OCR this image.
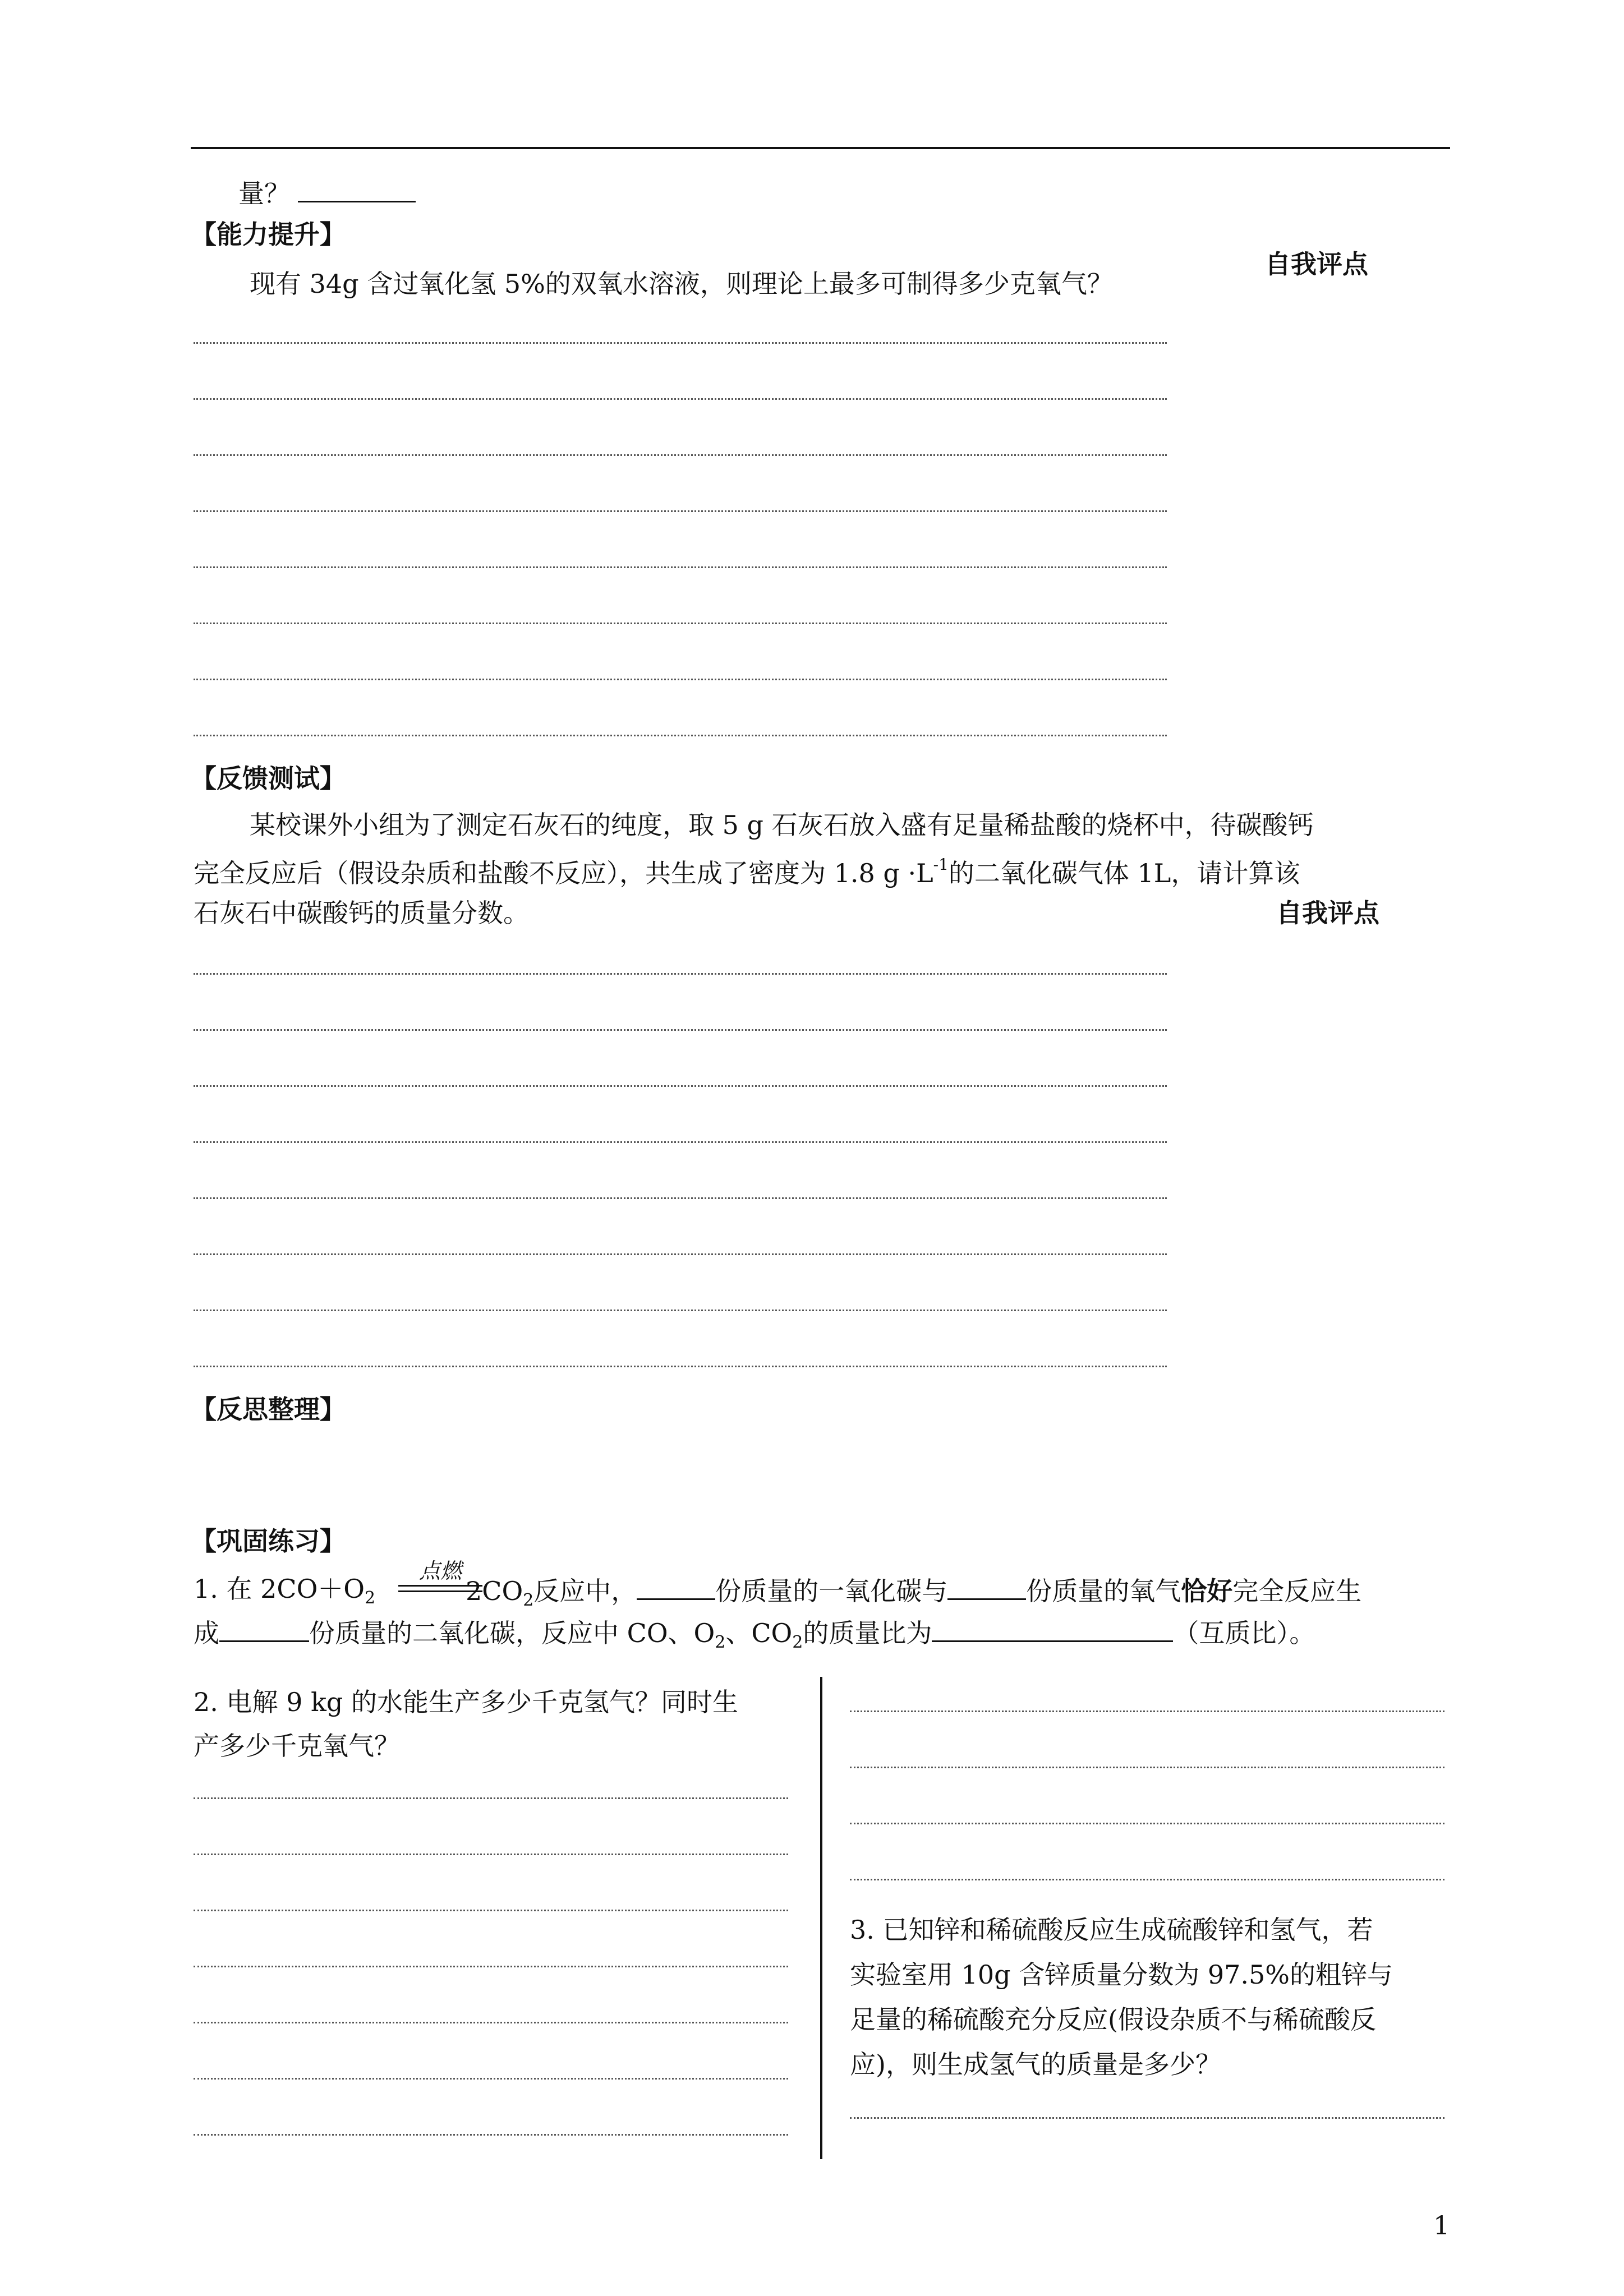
量？
【能力提升】
自我评点
现有 34g 含过氧化氢 5%的双氧水溶液，则理论上最多可制得多少克氧气？
【反馈测试】
某校课外小组为了测定石灰石的纯度，取 5 g 石灰石放入盛有足量稀盐酸的烧杯中，待碳酸钙
完全反应后（假设杂质和盐酸不反应），共生成了密度为 1.8 $g \cdot L^{-1}$的二氧化碳气体 1L，请计算该
石灰石中碳酸钙的质量分数。	自我评点
【反思整理】
【巩固练习】
1. 在 $2CO+O_2$
点燃
$2CO_2$反应中，	份质量的一氧化碳与	份质量的氧气恰好完全反应生
成	份质量的二氧化碳，反应中 CO、$O_2$、$CO_2$的质量比为	（互质比）。
2. 电解 9 kg 的水能生产多少千克氢气？同时生
产多少千克氧气？
3. 已知锌和稀硫酸反应生成硫酸锌和氢气，若
实验室用 10g 含锌质量分数为 97.5%的粗锌与
足量的稀硫酸充分反应(假设杂质不与稀硫酸反
应)，则生成氢气的质量是多少？
1
